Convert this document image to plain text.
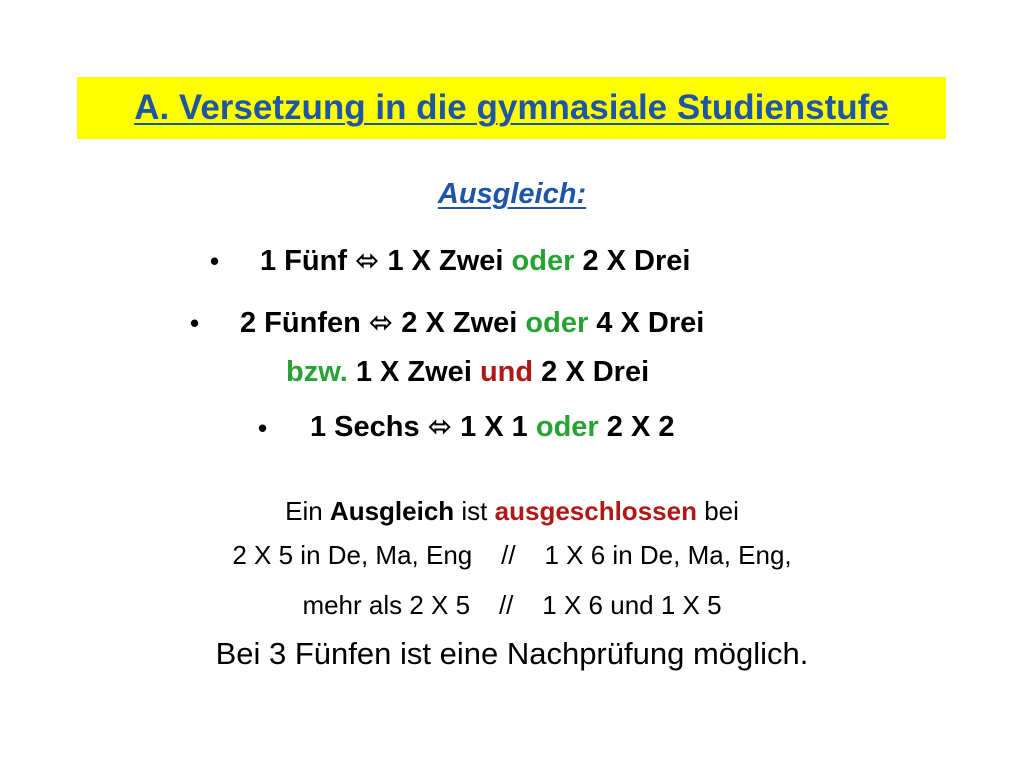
A. Versetzung in die gymnasiale Studienstufe
Ausgleich:
• 1 Fünf ⬄ 1 X Zwei oder 2 X Drei
• 2 Fünfen ⬄ 2 X Zwei oder 4 X Drei
bzw. 1 X Zwei und 2 X Drei
• 1 Sechs ⬄ 1 X 1 oder 2 X 2
Ein Ausgleich ist ausgeschlossen bei
2 X 5 in De, Ma, Eng    //    1 X 6 in De, Ma, Eng,
mehr als 2 X 5    //    1 X 6 und 1 X 5
Bei 3 Fünfen ist eine Nachprüfung möglich.
